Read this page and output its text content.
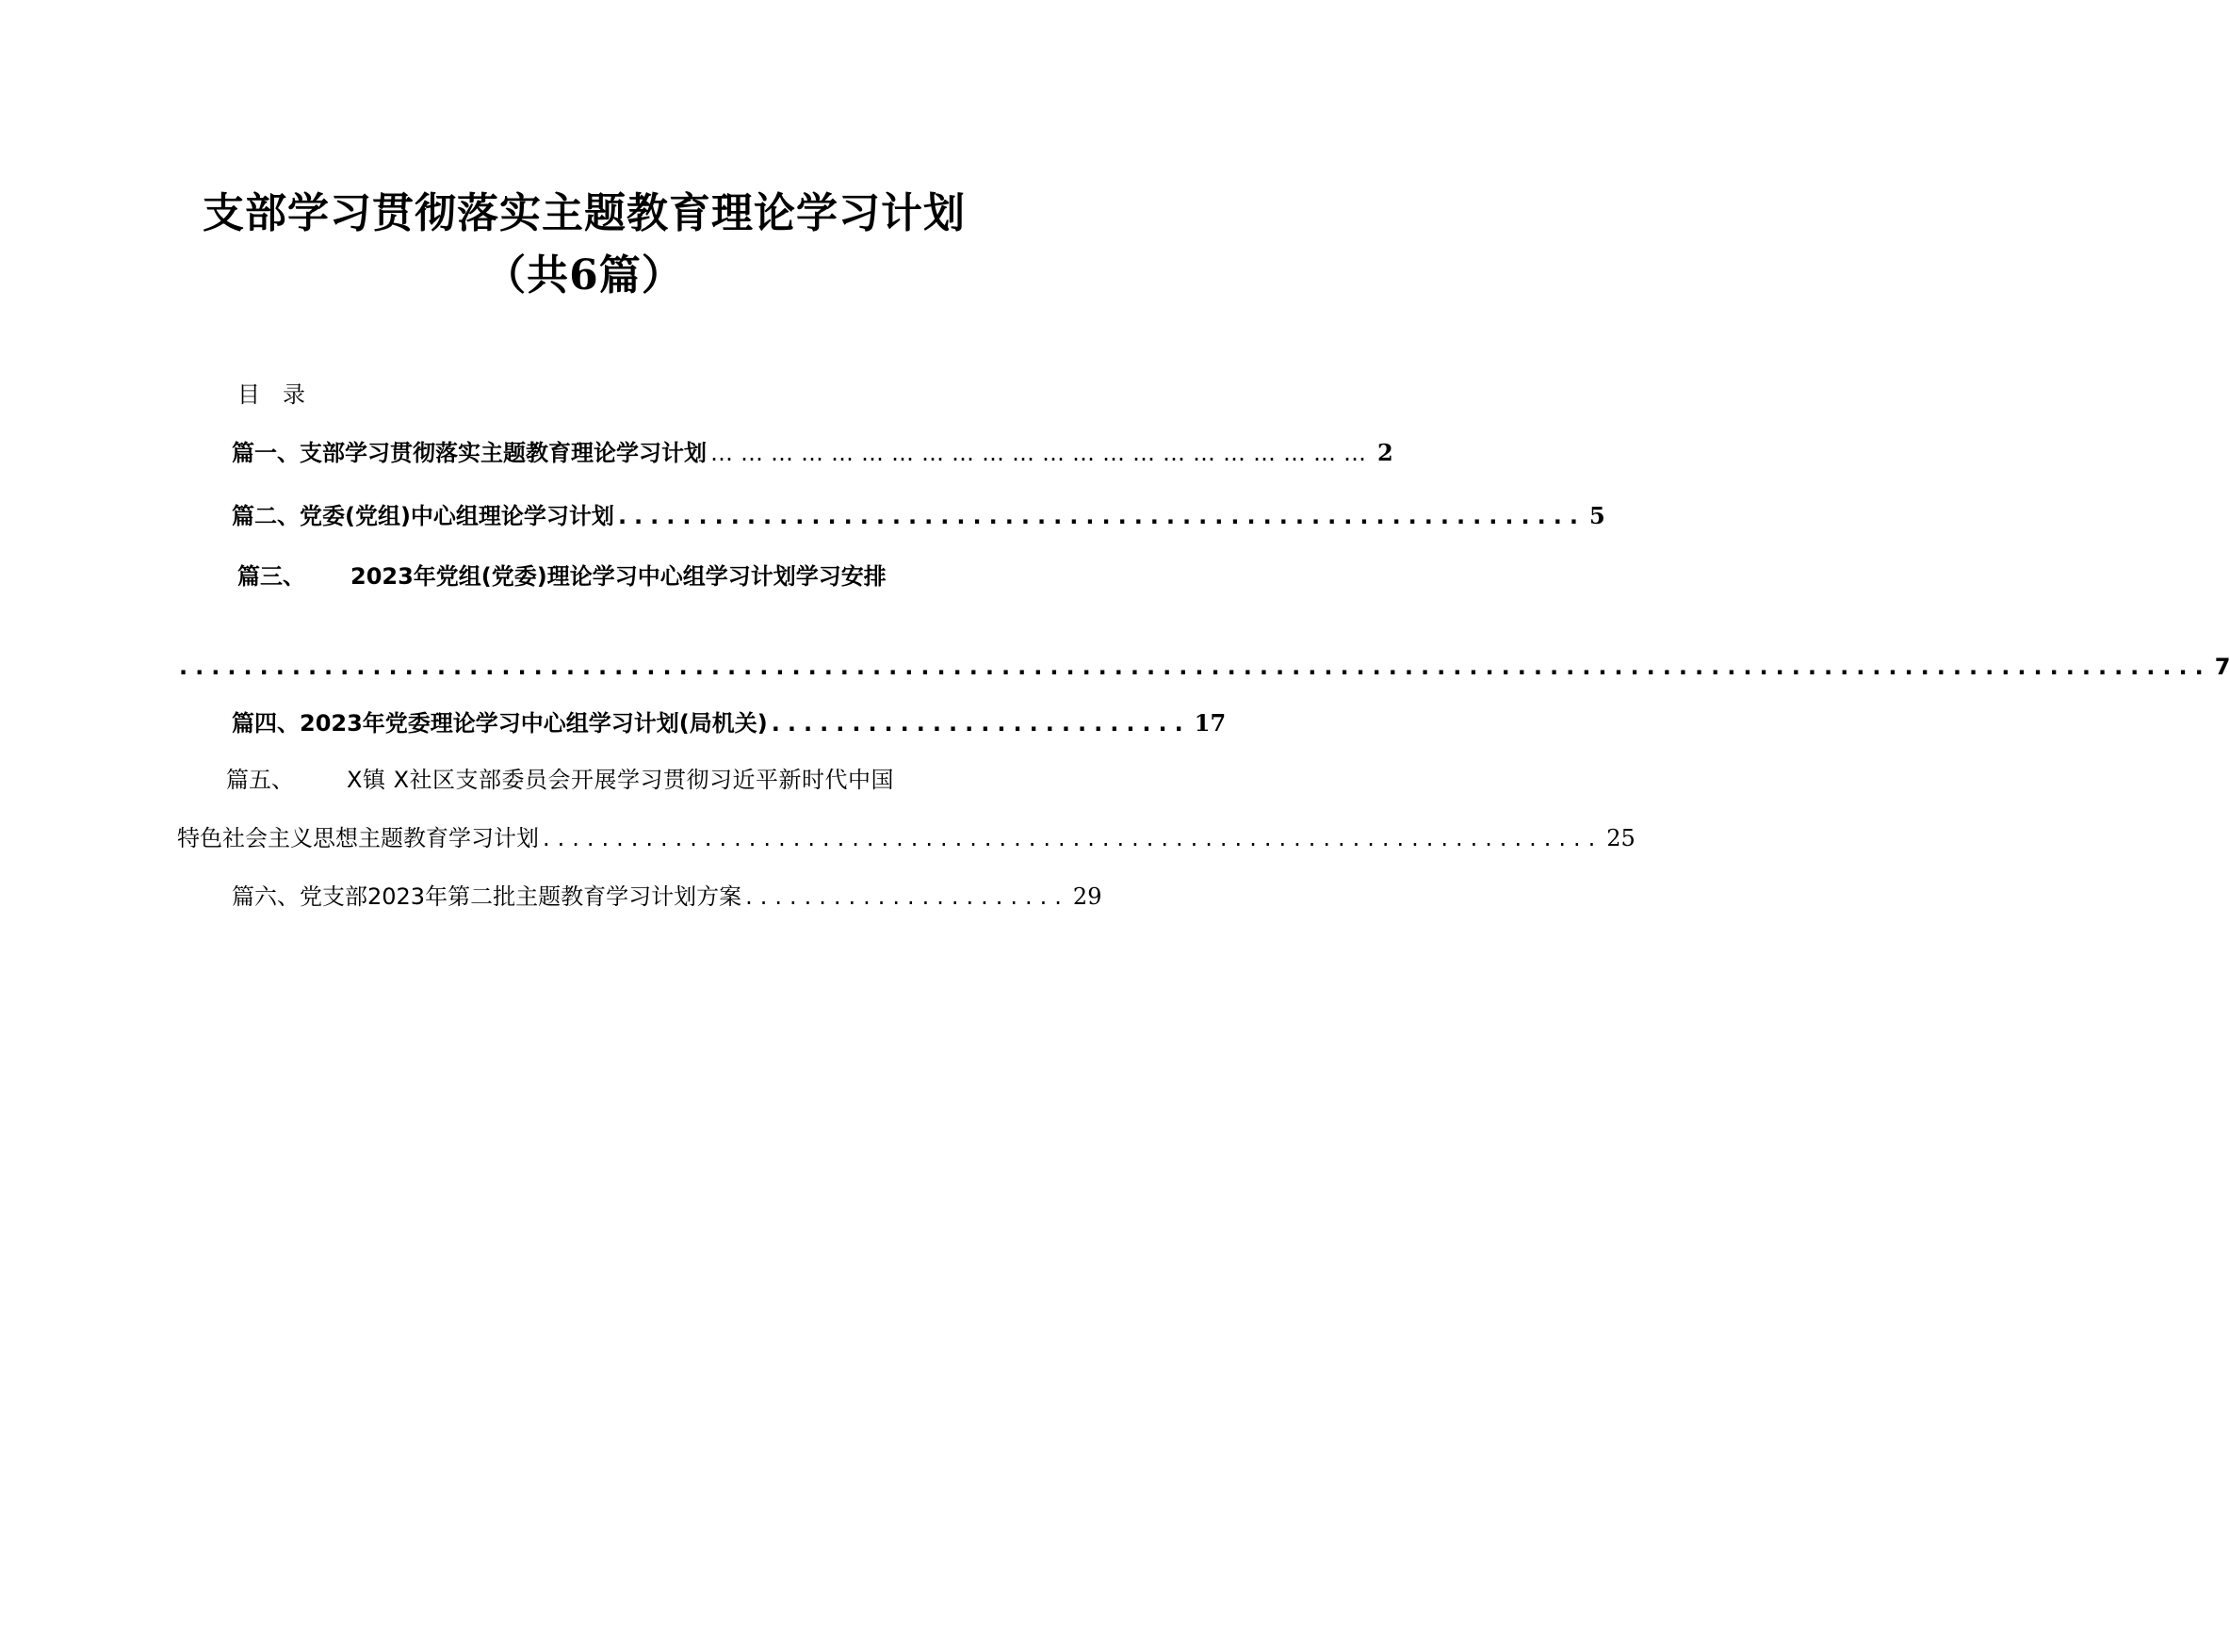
支部学习贯彻落实主题教育理论学习计划
（共6篇）
目录
篇一、 支部学习贯彻落实主题教育理论学习计划 ………………………………………………………… 2
篇二、 党委(党组)中心组理论学习计划 ............................................................ 5
篇三、 2023年党组(党委)理论学习中心组学习计划学习安排
.............................................................................................................................. 7
篇四、 2023年党委理论学习中心组学习计划(局机关) .......................... 17
篇五、 X镇 X社区支部委员会开展学习贯彻习近平新时代中国
特色社会主义思想主题教育学习计划 ........................................................................ 25
篇六、 党支部2023年第二批主题教育学习计划方案 ...................... 29
